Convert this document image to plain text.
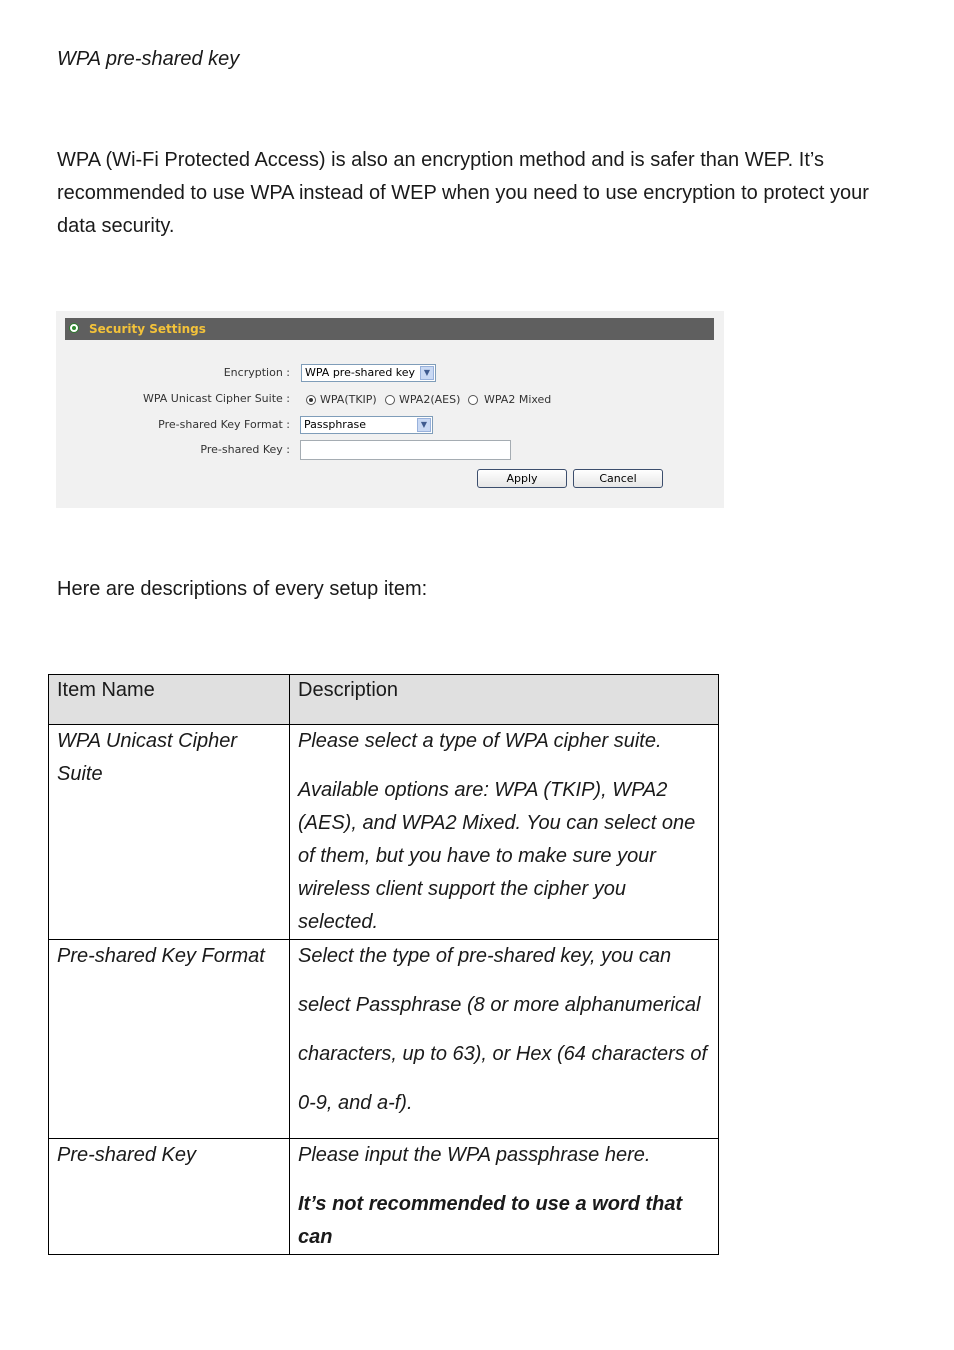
WPA pre-shared key

WPA (Wi-Fi Protected Access) is also an encryption method and is safer than WEP. It’s recommended to use WPA instead of WEP when you need to use encryption to protect your data security.

Security Settings
Encryption : WPA pre-shared key	▼
WPA Unicast Cipher Suite :	WPA(TKIP) WPA2(AES) WPA2 Mixed
Pre-shared Key Format : Passphrase	▼
Pre-shared Key :
Apply	Cancel

Here are descriptions of every setup item:

Item Name	Description

WPA Unicast Cipher Suite	Please select a type of WPA cipher suite.

Available options are: WPA (TKIP), WPA2 (AES), and WPA2 Mixed. You can select one of them, but you have to make sure your wireless client support the cipher you selected.

Pre-shared Key Format	Select the type of pre-shared key, you can select Passphrase (8 or more alphanumerical characters, up to 63), or Hex (64 characters of 0-9, and a-f).

Pre-shared Key	Please input the WPA passphrase here.

It’s not recommended to use a word that can
